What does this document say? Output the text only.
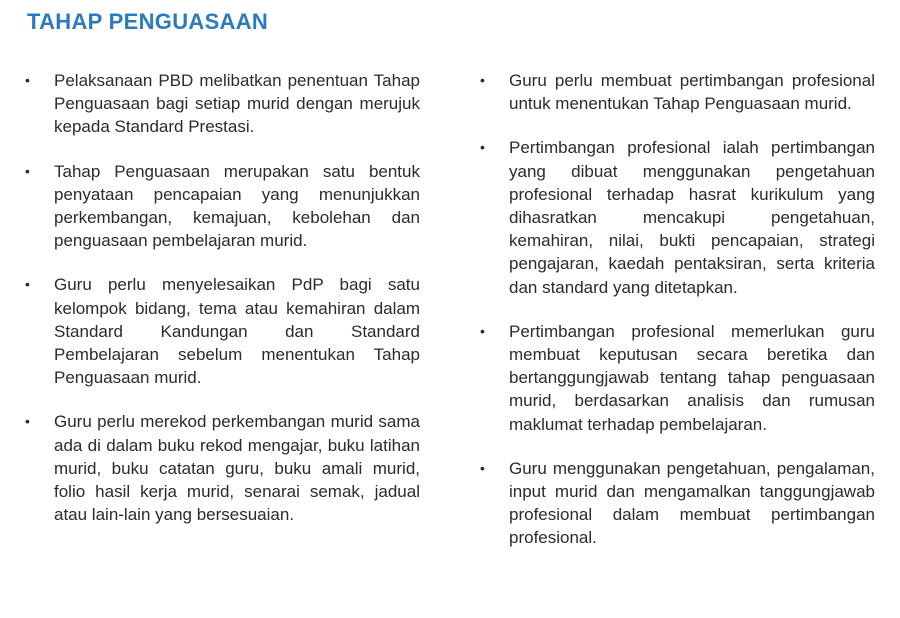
TAHAP PENGUASAAN
• Pelaksanaan PBD melibatkan penentuan Tahap Penguasaan bagi setiap murid dengan merujuk kepada Standard Prestasi.
• Tahap Penguasaan merupakan satu bentuk penyataan pencapaian yang menunjukkan perkembangan, kemajuan, kebolehan dan penguasaan pembelajaran murid.
• Guru perlu menyelesaikan PdP bagi satu kelompok bidang, tema atau kemahiran dalam Standard Kandungan dan Standard Pembelajaran sebelum menentukan Tahap Penguasaan murid.
• Guru perlu merekod perkembangan murid sama ada di dalam buku rekod mengajar, buku latihan murid, buku catatan guru, buku amali murid, folio hasil kerja murid, senarai semak, jadual atau lain-lain yang bersesuaian.
• Guru perlu membuat pertimbangan profesional untuk menentukan Tahap Penguasaan murid.
• Pertimbangan profesional ialah pertimbangan yang dibuat menggunakan pengetahuan profesional terhadap hasrat kurikulum yang dihasratkan mencakupi pengetahuan, kemahiran, nilai, bukti pencapaian, strategi pengajaran, kaedah pentaksiran, serta kriteria dan standard yang ditetapkan.
• Pertimbangan profesional memerlukan guru membuat keputusan secara beretika dan bertanggungjawab tentang tahap penguasaan murid, berdasarkan analisis dan rumusan maklumat terhadap pembelajaran.
• Guru menggunakan pengetahuan, pengalaman, input murid dan mengamalkan tanggungjawab profesional dalam membuat pertimbangan profesional.
